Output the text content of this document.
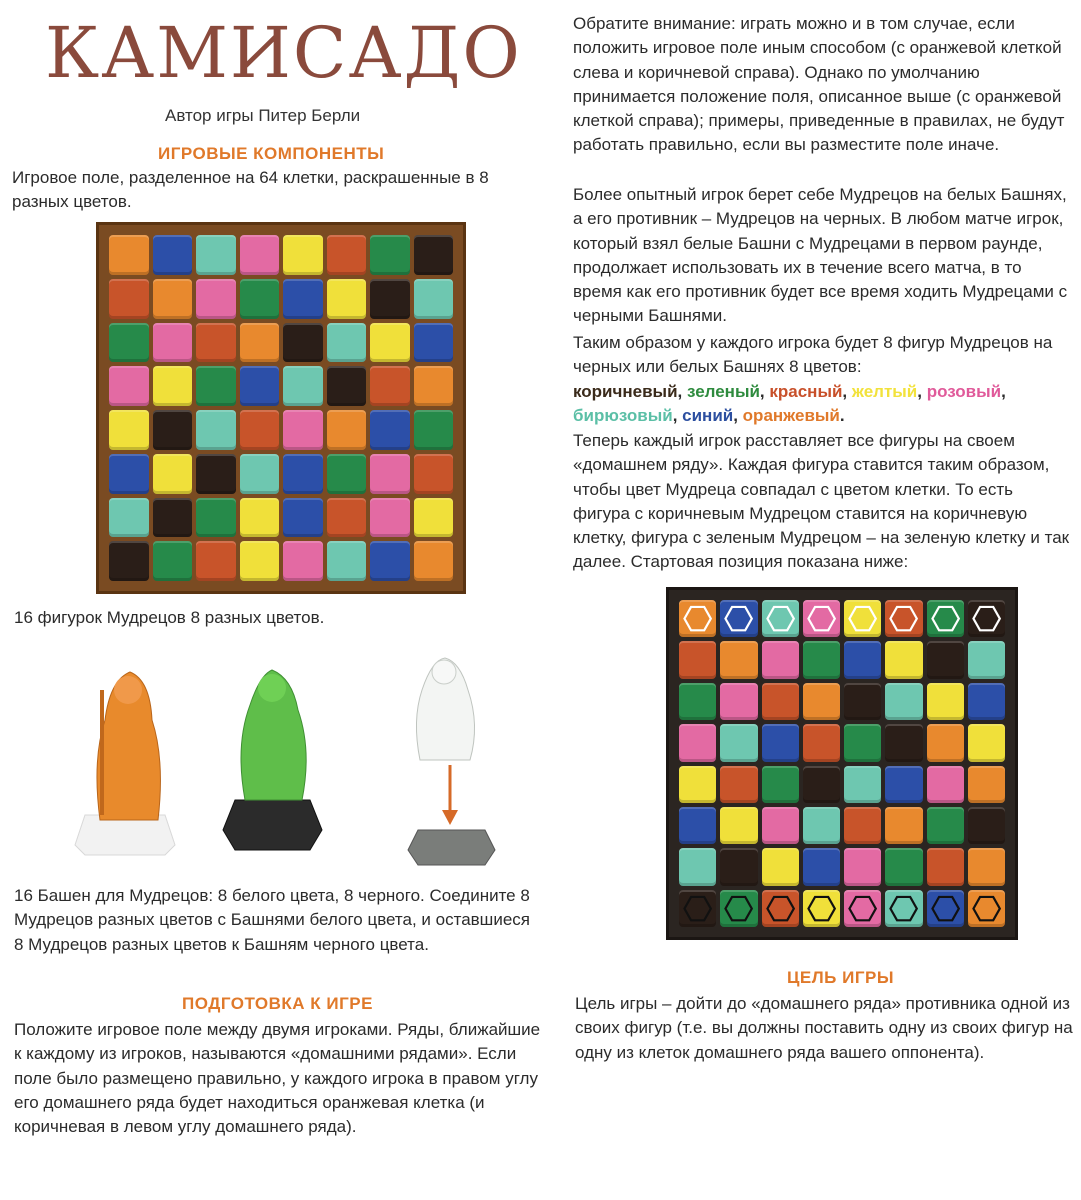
КАМИСАДО
Автор игры Питер Берли
ИГРОВЫЕ КОМПОНЕНТЫ
Игровое поле, разделенное на 64 клетки, раскрашенные в 8 разных цветов.
16 фигурок Мудрецов 8 разных цветов.
16 Башен для Мудрецов: 8 белого цвета, 8 черного. Соедините 8 Мудрецов разных цветов с Башнями белого цвета, и оставшиеся 8 Мудрецов разных цветов к Башням черного цвета.
ПОДГОТОВКА К ИГРЕ
Положите игровое поле между двумя игроками. Ряды, ближайшие к каждому из игроков, называются «домашними рядами». Если поле было размещено правильно, у каждого игрока в правом углу его домашнего ряда будет находиться оранжевая клетка (и коричневая в левом углу домашнего ряда).
Обратите внимание: играть можно и в том случае, если положить игровое поле иным способом (с оранжевой клеткой слева и коричневой справа). Однако по умолчанию принимается положение поля, описанное выше (с оранжевой клеткой справа); примеры, приведенные в правилах, не будут работать правильно, если вы разместите поле иначе.
Более опытный игрок берет себе Мудрецов на белых Башнях, а его противник – Мудрецов на черных. В любом матче игрок, который взял белые Башни с Мудрецами в первом раунде, продолжает использовать их в течение всего матча, в то время как его противник будет все время ходить Мудрецами с черными Башнями.
Таким образом у каждого игрока будет 8 фигур Мудрецов на черных или белых Башнях 8 цветов:
коричневый, зеленый, красный, желтый, розовый, бирюзовый, синий, оранжевый.
Теперь каждый игрок расставляет все фигуры на своем «домашнем ряду». Каждая фигура ставится таким образом, чтобы цвет Мудреца совпадал с цветом клетки. То есть фигура с коричневым Мудрецом ставится на коричневую клетку, фигура с зеленым Мудрецом – на зеленую клетку и так далее. Стартовая позиция показана ниже:
ЦЕЛЬ ИГРЫ
Цель игры – дойти до «домашнего ряда» противника одной из своих фигур (т.е. вы должны поставить одну из своих фигур на одну из клеток домашнего ряда вашего оппонента).
